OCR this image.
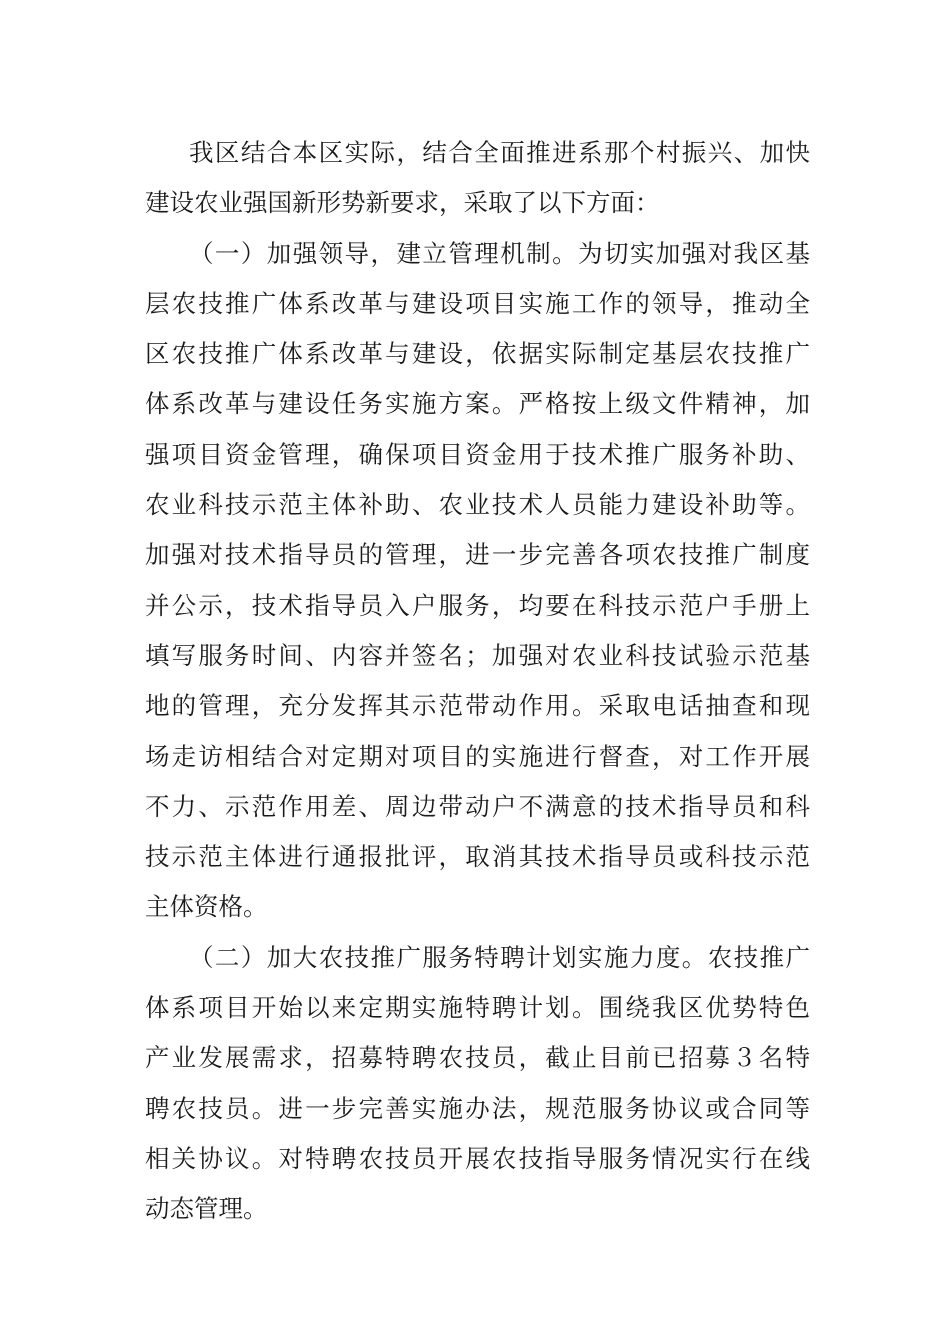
我区结合本区实际，结合全面推进系那个村振兴、加快
建设农业强国新形势新要求，采取了以下方面：
（一）加强领导，建立管理机制。为切实加强对我区基
层农技推广体系改革与建设项目实施工作的领导，推动全
区农技推广体系改革与建设，依据实际制定基层农技推广
体系改革与建设任务实施方案。严格按上级文件精神，加
强项目资金管理，确保项目资金用于技术推广服务补助、
农业科技示范主体补助、农业技术人员能力建设补助等。
加强对技术指导员的管理，进一步完善各项农技推广制度
并公示，技术指导员入户服务，均要在科技示范户手册上
填写服务时间、内容并签名；加强对农业科技试验示范基
地的管理，充分发挥其示范带动作用。采取电话抽查和现
场走访相结合对定期对项目的实施进行督查，对工作开展
不力、示范作用差、周边带动户不满意的技术指导员和科
技示范主体进行通报批评，取消其技术指导员或科技示范
主体资格。
（二）加大农技推广服务特聘计划实施力度。农技推广
体系项目开始以来定期实施特聘计划。围绕我区优势特色
产业发展需求，招募特聘农技员，截止目前已招募３名特
聘农技员。进一步完善实施办法，规范服务协议或合同等
相关协议。对特聘农技员开展农技指导服务情况实行在线
动态管理。
